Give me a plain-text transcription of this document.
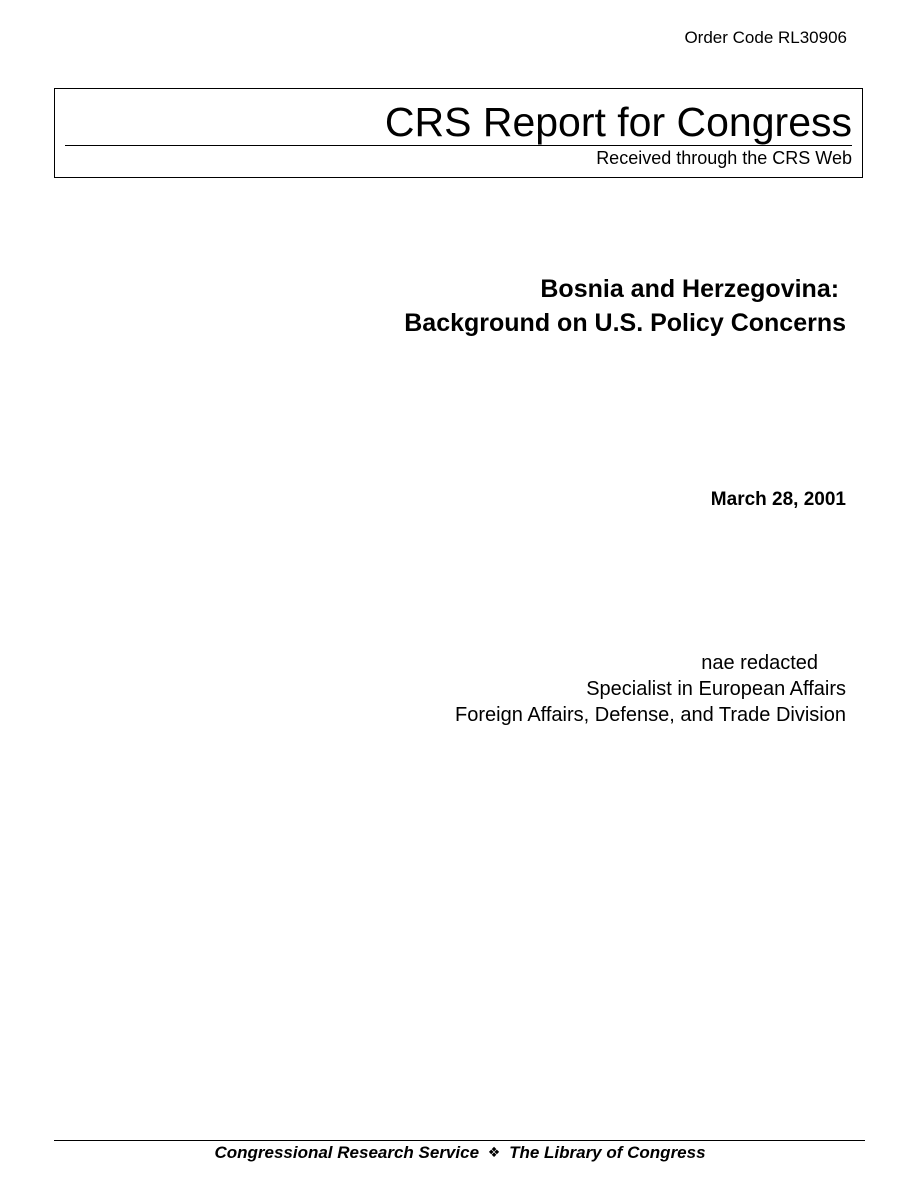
Order Code RL30906
CRS Report for Congress
Received through the CRS Web
Bosnia and Herzegovina:
Background on U.S. Policy Concerns
March 28, 2001
nae redacted
Specialist in European Affairs
Foreign Affairs, Defense, and Trade Division
Congressional Research Service ❖ The Library of Congress
